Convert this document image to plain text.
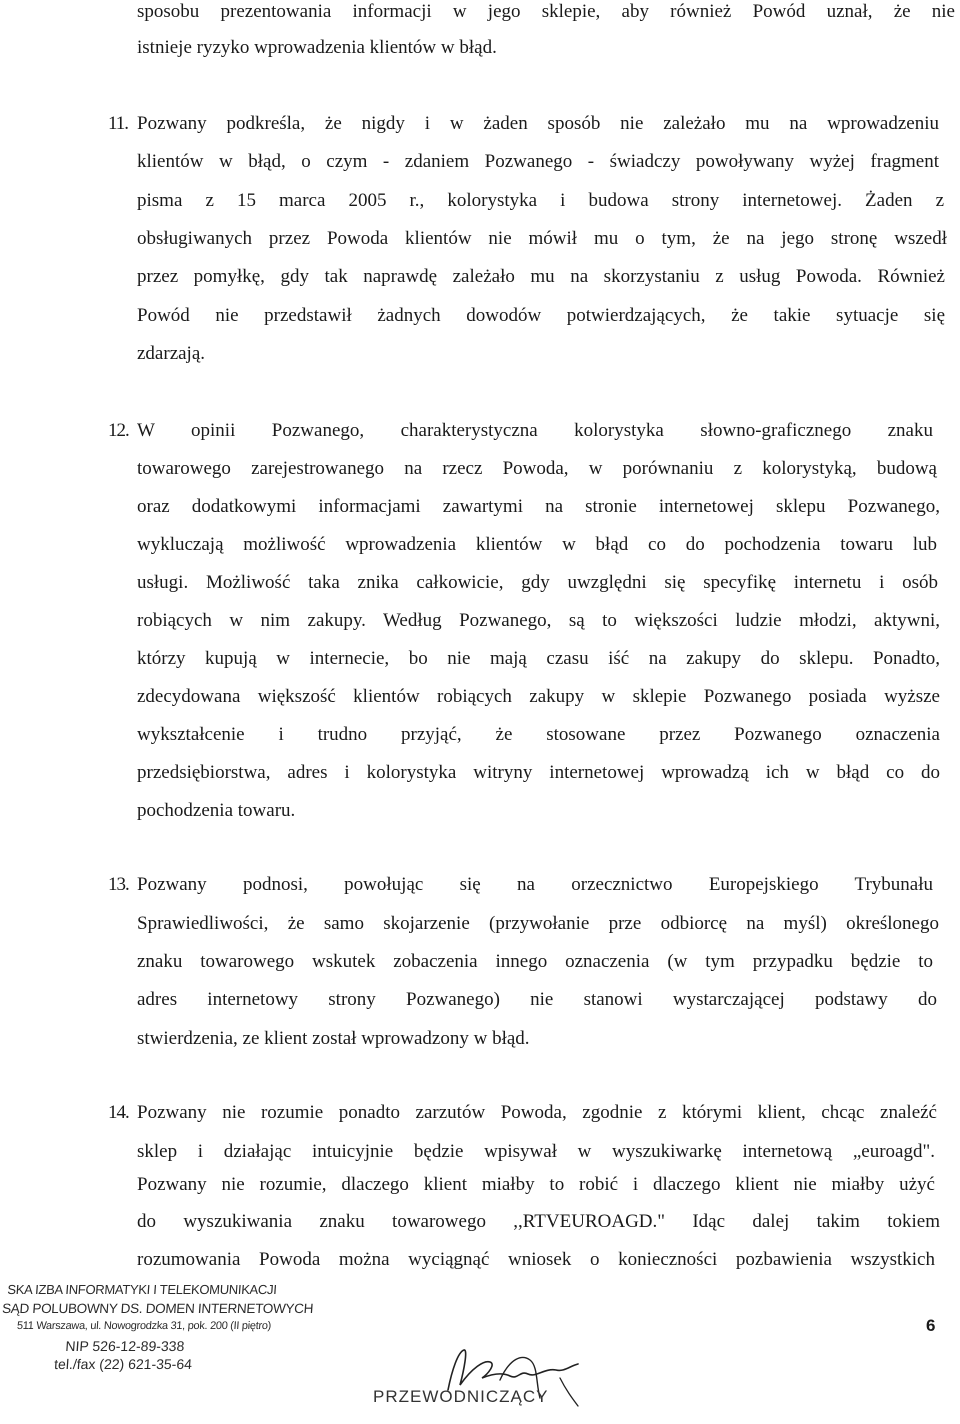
sposobu prezentowania informacji w jego sklepie, aby również Powód uznał, że nie
istnieje ryzyko wprowadzenia klientów w błąd.
11. Pozwany podkreśla, że nigdy i w żaden sposób nie zależało mu na wprowadzeniu
klientów w błąd, o czym - zdaniem Pozwanego - świadczy powoływany wyżej fragment
pisma z 15 marca 2005 r., kolorystyka i budowa strony internetowej. Żaden z
obsługiwanych przez Powoda klientów nie mówił mu o tym, że na jego stronę wszedł
przez pomyłkę, gdy tak naprawdę zależało mu na skorzystaniu z usług Powoda. Również
Powód nie przedstawił żadnych dowodów potwierdzających, że takie sytuacje się
zdarzają.
12. W opinii Pozwanego, charakterystyczna kolorystyka słowno-graficznego znaku
towarowego zarejestrowanego na rzecz Powoda, w porównaniu z kolorystyką, budową
oraz dodatkowymi informacjami zawartymi na stronie internetowej sklepu Pozwanego,
wykluczają możliwość wprowadzenia klientów w błąd co do pochodzenia towaru lub
usługi. Możliwość taka znika całkowicie, gdy uwzględni się specyfikę internetu i osób
robiących w nim zakupy. Według Pozwanego, są to większości ludzie młodzi, aktywni,
którzy kupują w internecie, bo nie mają czasu iść na zakupy do sklepu. Ponadto,
zdecydowana większość klientów robiących zakupy w sklepie Pozwanego posiada wyższe
wykształcenie i trudno przyjąć, że stosowane przez Pozwanego oznaczenia
przedsiębiorstwa, adres i kolorystyka witryny internetowej wprowadzą ich w błąd co do
pochodzenia towaru.
13. Pozwany podnosi, powołując się na orzecznictwo Europejskiego Trybunału
Sprawiedliwości, że samo skojarzenie (przywołanie prze odbiorcę na myśl) określonego
znaku towarowego wskutek zobaczenia innego oznaczenia (w tym przypadku będzie to
adres internetowy strony Pozwanego) nie stanowi wystarczającej podstawy do
stwierdzenia, ze klient został wprowadzony w błąd.
14. Pozwany nie rozumie ponadto zarzutów Powoda, zgodnie z którymi klient, chcąc znaleźć
sklep i działając intuicyjnie będzie wpisywał w wyszukiwarkę internetową „euroagd".
Pozwany nie rozumie, dlaczego klient miałby to robić i dlaczego klient nie miałby użyć
do wyszukiwania znaku towarowego ,,RTVEUROAGD." Idąc dalej takim tokiem
rozumowania Powoda można wyciągnąć wniosek o konieczności pozbawienia wszystkich
SKA IZBA INFORMATYKI I TELEKOMUNIKACJI
SĄD POLUBOWNY DS. DOMEN INTERNETOWYCH
511 Warszawa, ul. Nowogrodzka 31, pok. 200 (II piętro)
NIP 526-12-89-338
tel./fax (22) 621-35-64
6
PRZEWODNICZĄCY
